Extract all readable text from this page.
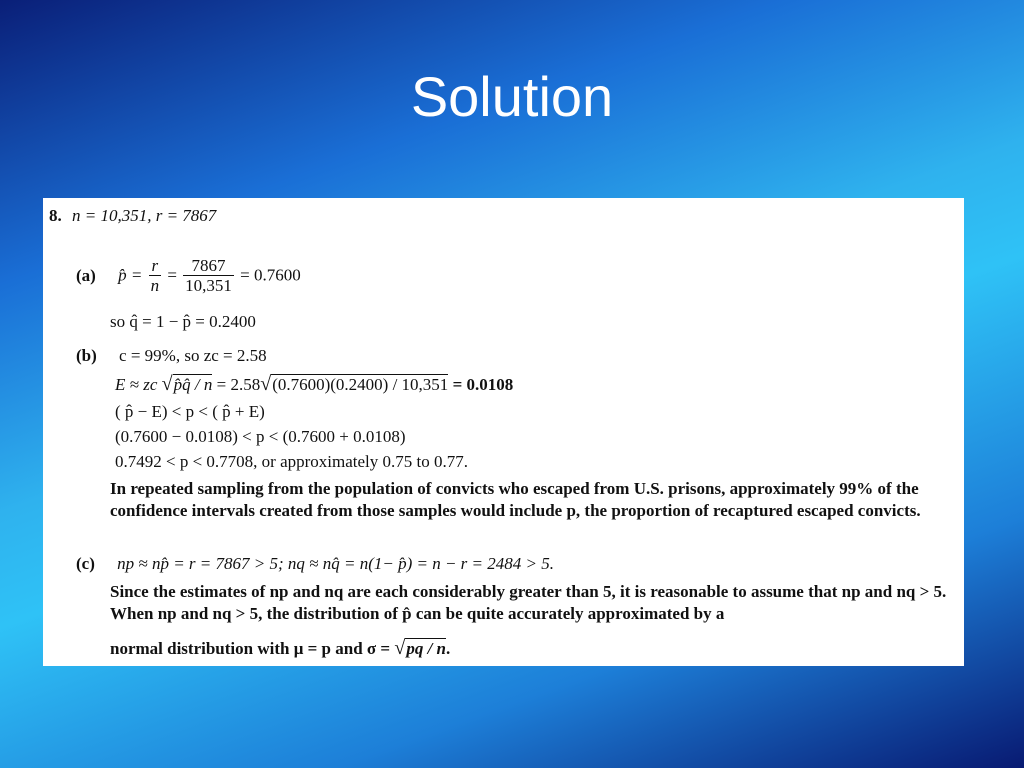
Solution
8. n = 10,351, r = 7867
(a) p̂ = $\frac{r}{n} = \frac{7867}{10,351} = 0.7600$
so q̂ = 1 − p̂ = 0.2400
(b) c = 99%, so zc = 2.58
E ≈ zc √p̂q̂ / n = 2.58√(0.7600)(0.2400) / 10,351 = 0.0108
( p̂ − E) < p < ( p̂ + E)
(0.7600 − 0.0108) < p < (0.7600 + 0.0108)
0.7492 < p < 0.7708, or approximately 0.75 to 0.77.
In repeated sampling from the population of convicts who escaped from U.S. prisons, approximately 99% of the confidence intervals created from those samples would include p, the proportion of recaptured escaped convicts.
(c) np ≈ np̂ = r = 7867 > 5; nq ≈ nq̂ = n(1− p̂) = n − r = 2484 > 5.
Since the estimates of np and nq are each considerably greater than 5, it is reasonable to assume that np and nq > 5. When np and nq > 5, the distribution of p̂ can be quite accurately approximated by a
normal distribution with μ = p and σ = √pq / n.
